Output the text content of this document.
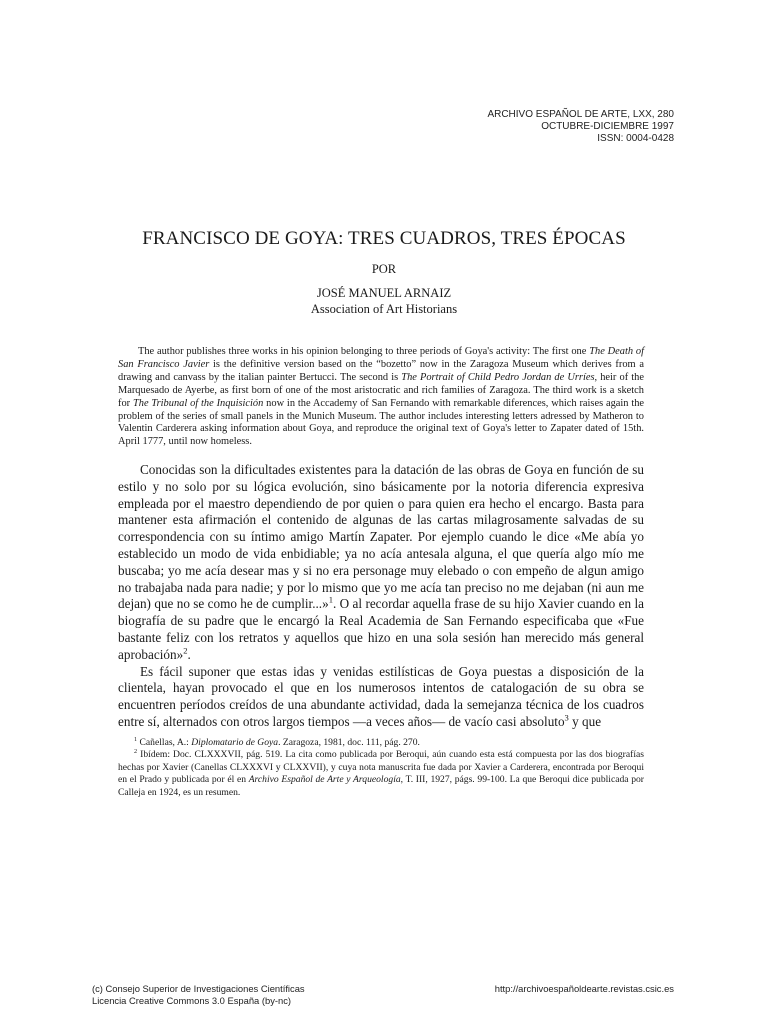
ARCHIVO ESPAÑOL DE ARTE, LXX, 280
OCTUBRE-DICIEMBRE 1997
ISSN: 0004-0428
FRANCISCO DE GOYA: TRES CUADROS, TRES ÉPOCAS
POR
JOSÉ MANUEL ARNAIZ
Association of Art Historians

The author publishes three works in his opinion belonging to three periods of Goya's activity: The first one The Death of San Francisco Javier is the definitive version based on the “bozetto” now in the Zaragoza Museum which derives from a drawing and canvass by the italian painter Bertucci. The second is The Portrait of Child Pedro Jordan de Urríes, heir of the Marquesado de Ayerbe, as first born of one of the most aristocratic and rich families of Zaragoza. The third work is a sketch for The Tribunal of the Inquisición now in the Accademy of San Fernando with remarkable diferences, which raises again the problem of the series of small panels in the Munich Museum. The author includes interesting letters adressed by Matheron to Valentin Carderera asking information about Goya, and reproduce the original text of Goya's letter to Zapater dated of 15th. April 1777, until now homeless.

Conocidas son la dificultades existentes para la datación de las obras de Goya en función de su estilo y no solo por su lógica evolución, sino básicamente por la notoria diferencia expresiva empleada por el maestro dependiendo de por quien o para quien era hecho el encargo. Basta para mantener esta afirmación el contenido de algunas de las cartas milagrosamente salvadas de su correspondencia con su íntimo amigo Martín Zapater. Por ejemplo cuando le dice «Me abía yo establecido un modo de vida enbidiable; ya no acía antesala alguna, el que quería algo mío me buscaba; yo me acía desear mas y si no era personage muy elebado o con empeño de algun amigo no trabajaba nada para nadie; y por lo mismo que yo me acía tan preciso no me dejaban (ni aun me dejan) que no se como he de cumplir...»$^1$. O al recordar aquella frase de su hijo Xavier cuando en la biografía de su padre que le encargó la Real Academia de San Fernando especificaba que «Fue bastante feliz con los retratos y aquellos que hizo en una sola sesión han merecido más general aprobación»$^2$.

Es fácil suponer que estas idas y venidas estilísticas de Goya puestas a disposición de la clientela, hayan provocado el que en los numerosos intentos de catalogación de su obra se encuentren períodos creídos de una abundante actividad, dada la semejanza técnica de los cuadros entre sí, alternados con otros largos tiempos —a veces años— de vacío casi absoluto$^3$ y que

$^1$ Cañellas, A.: Diplomatario de Goya. Zaragoza, 1981, doc. 111, pág. 270.

$^2$ Ibídem: Doc. CLXXXVII, pág. 519. La cita como publicada por Beroqui, aún cuando esta está compuesta por las dos biografías hechas por Xavier (Canellas CLXXXVI y CLXXVII), y cuya nota manuscrita fue dada por Xavier a Carderera, encontrada por Beroqui en el Prado y publicada por él en Archivo Español de Arte y Arqueología, T. III, 1927, págs. 99-100. La que Beroqui dice publicada por Calleja en 1924, es un resumen.

(c) Consejo Superior de Investigaciones Científicas
Licencia Creative Commons 3.0 España (by-nc)
http://archivoespañoldearte.revistas.csic.es
